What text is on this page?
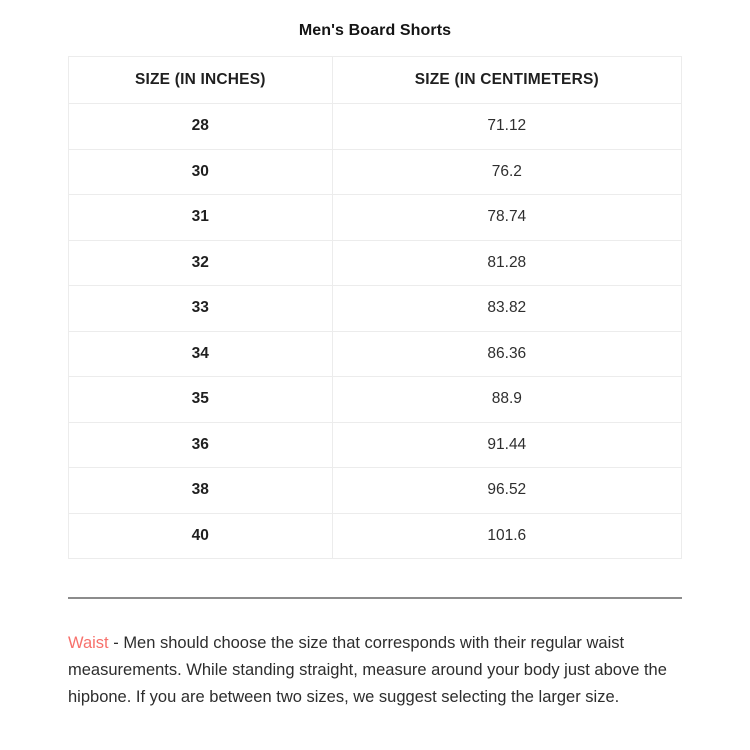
Men's Board Shorts
SIZE (IN INCHES)	SIZE (IN CENTIMETERS)
28	71.12
30	76.2
31	78.74
32	81.28
33	83.82
34	86.36
35	88.9
36	91.44
38	96.52
40	101.6

Waist - Men should choose the size that corresponds with their regular waist measurements. While standing straight, measure around your body just above the hipbone. If you are between two sizes, we suggest selecting the larger size.
